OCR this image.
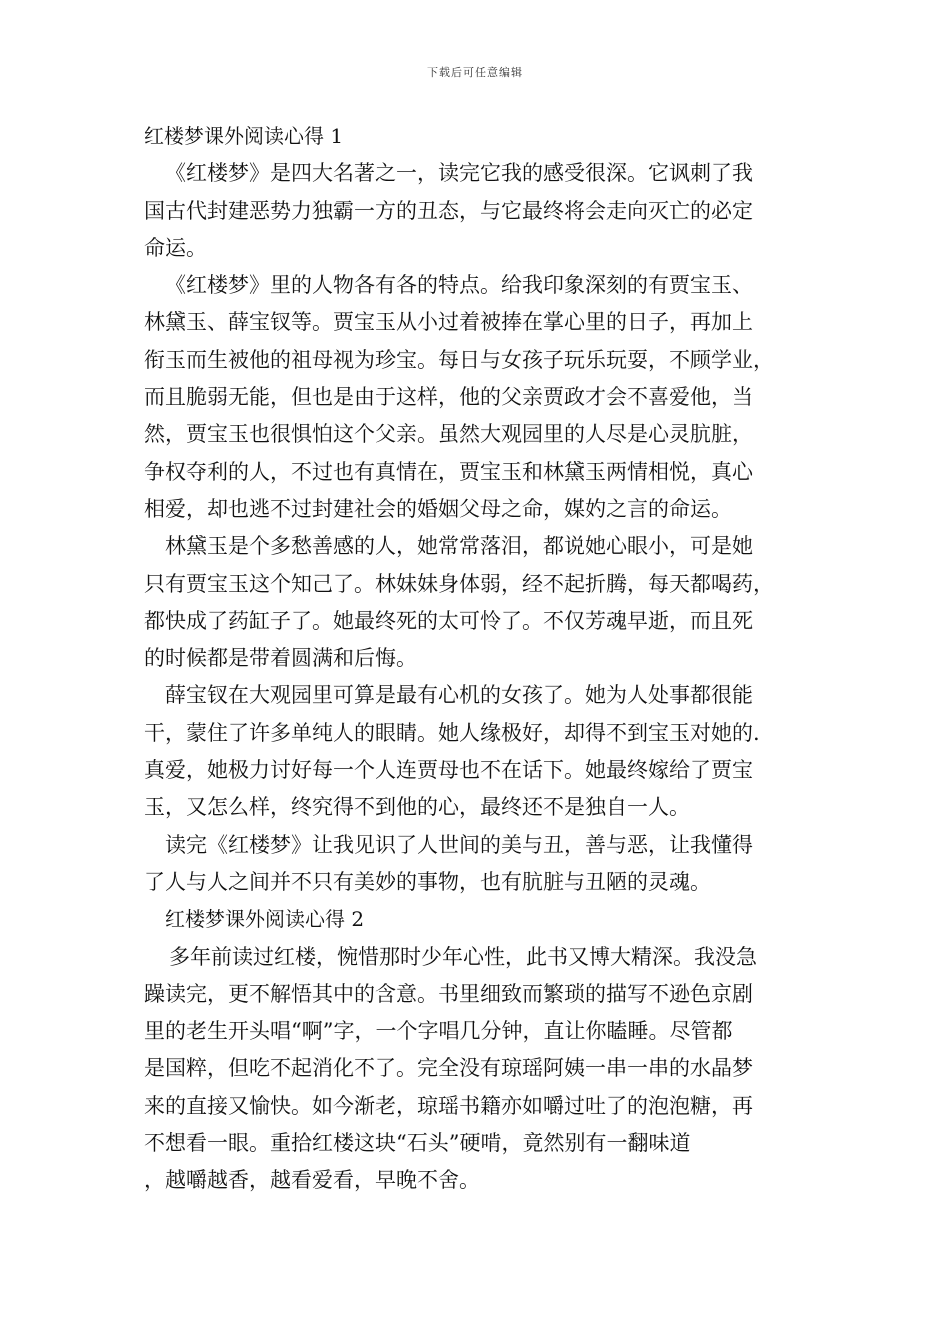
下载后可任意编辑
红楼梦课外阅读心得 1
《红楼梦》是四大名著之一，读完它我的感受很深。它讽刺了我
国古代封建恶势力独霸一方的丑态，与它最终将会走向灭亡的必定
命运。
《红楼梦》里的人物各有各的特点。给我印象深刻的有贾宝玉、
林黛玉、薛宝钗等。贾宝玉从小过着被捧在掌心里的日子，再加上
衔玉而生被他的祖母视为珍宝。每日与女孩子玩乐玩耍，不顾学业，
而且脆弱无能，但也是由于这样，他的父亲贾政才会不喜爱他，当
然，贾宝玉也很惧怕这个父亲。虽然大观园里的人尽是心灵肮脏，
争权夺利的人，不过也有真情在，贾宝玉和林黛玉两情相悦，真心
相爱，却也逃不过封建社会的婚姻父母之命，媒妁之言的命运。
林黛玉是个多愁善感的人，她常常落泪，都说她心眼小，可是她
只有贾宝玉这个知己了。林妹妹身体弱，经不起折腾，每天都喝药，
都快成了药缸子了。她最终死的太可怜了。不仅芳魂早逝，而且死
的时候都是带着圆满和后悔。
薛宝钗在大观园里可算是最有心机的女孩了。她为人处事都很能
干，蒙住了许多单纯人的眼睛。她人缘极好，却得不到宝玉对她的.
真爱，她极力讨好每一个人连贾母也不在话下。她最终嫁给了贾宝
玉，又怎么样，终究得不到他的心，最终还不是独自一人。
读完《红楼梦》让我见识了人世间的美与丑，善与恶，让我懂得
了人与人之间并不只有美妙的事物，也有肮脏与丑陋的灵魂。
红楼梦课外阅读心得 2
多年前读过红楼，惋惜那时少年心性，此书又博大精深。我没急
躁读完，更不解悟其中的含意。书里细致而繁琐的描写不逊色京剧
里的老生开头唱“啊”字，一个字唱几分钟，直让你瞌睡。尽管都
是国粹，但吃不起消化不了。完全没有琼瑶阿姨一串一串的水晶梦
来的直接又愉快。如今渐老，琼瑶书籍亦如嚼过吐了的泡泡糖，再
不想看一眼。重拾红楼这块“石头”硬啃，竟然别有一翻味道
，越嚼越香，越看爱看，早晚不舍。
